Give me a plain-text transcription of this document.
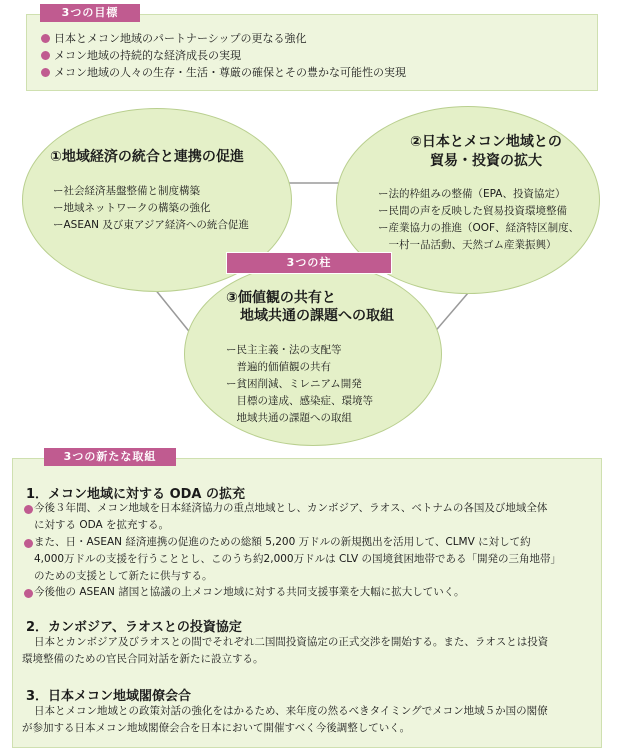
日本とメコン地域のパートナーシップの更なる強化
メコン地域の持続的な経済成長の実現
メコン地域の人々の生存・生活・尊厳の確保とその豊かな可能性の実現
3つの目標
3つの柱
①地域経済の統合と連携の促進
ー社会経済基盤整備と制度構築
ー地域ネットワークの構築の強化
ーASEAN 及び東アジア経済への統合促進
②日本とメコン地域との
貿易・投資の拡大
ー法的枠組みの整備（EPA、投資協定）
ー民間の声を反映した貿易投資環境整備
ー産業協力の推進（OOF、経済特区制度、
　一村一品活動、天然ゴム産業振興）
③価値観の共有と
地域共通の課題への取組
ー民主主義・法の支配等
　普遍的価値観の共有
ー貧困削減、ミレニアム開発
　目標の達成、感染症、環境等
　地域共通の課題への取組
3つの新たな取組
1．メコン地域に対する ODA の拡充
今後３年間、メコン地域を日本経済協力の重点地域とし、カンボジア、ラオス、ベトナムの各国及び地域全体
に対する ODA を拡充する。
また、日・ASEAN 経済連携の促進のための総額 5,200 万ドルの新規拠出を活用して、CLMV に対して約
4,000万ドルの支援を行うこととし、このうち約2,000万ドルは CLV の国境貧困地帯である「開発の三角地帯」
のための支援として新たに供与する。
今後他の ASEAN 諸国と協議の上メコン地域に対する共同支援事業を大幅に拡大していく。
2．カンボジア、ラオスとの投資協定
日本とカンボジア及びラオスとの間でそれぞれ二国間投資協定の正式交渉を開始する。また、ラオスとは投資
環境整備のための官民合同対話を新たに設立する。
3．日本メコン地域閣僚会合
日本とメコン地域との政策対話の強化をはかるため、来年度の然るべきタイミングでメコン地域５か国の閣僚
が参加する日本メコン地域閣僚会合を日本において開催すべく今後調整していく。
